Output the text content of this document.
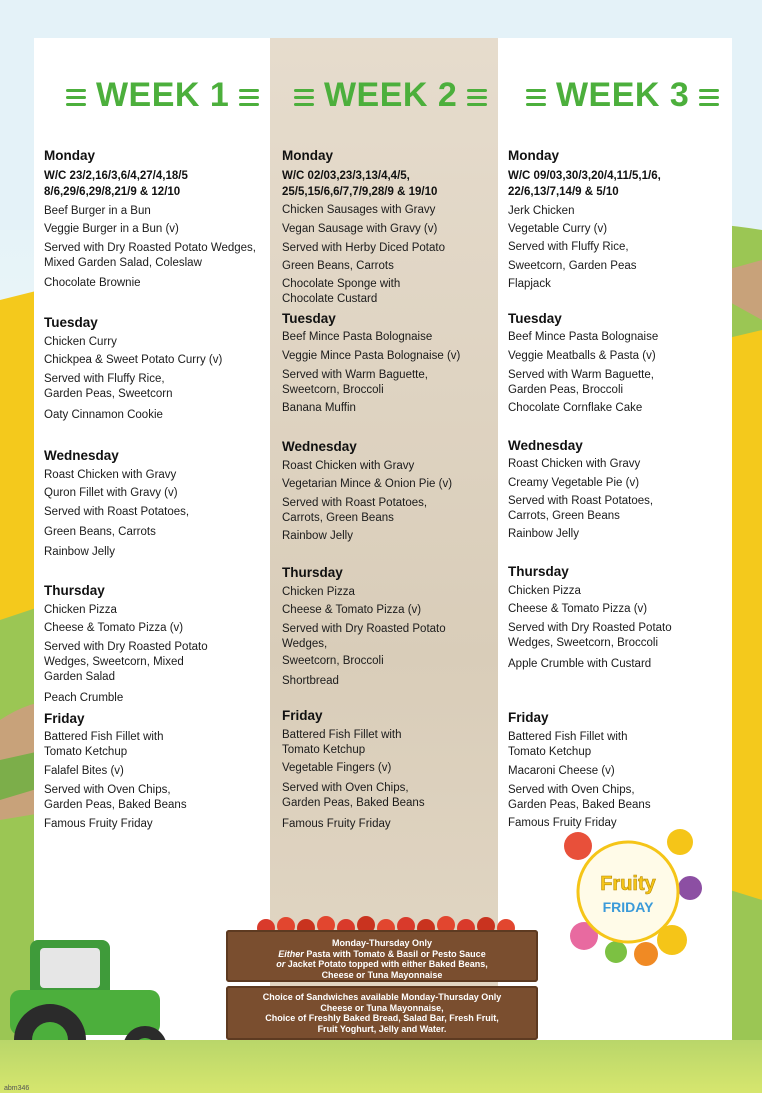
WEEK 1
Monday
W/C 23/2,16/3,6/4,27/4,18/5 8/6,29/6,29/8,21/9 & 12/10
Beef Burger in a Bun
Veggie Burger in a Bun (v)
Served with Dry Roasted Potato Wedges, Mixed Garden Salad, Coleslaw
Chocolate Brownie
Tuesday
Chicken Curry
Chickpea & Sweet Potato Curry (v)
Served with Fluffy Rice, Garden Peas, Sweetcorn
Oaty Cinnamon Cookie
Wednesday
Roast Chicken with Gravy
Quron Fillet with Gravy (v)
Served with Roast Potatoes,
Green Beans, Carrots
Rainbow Jelly
Thursday
Chicken Pizza
Cheese & Tomato Pizza (v)
Served with Dry Roasted Potato Wedges, Sweetcorn, Mixed Garden Salad
Peach Crumble
Friday
Battered Fish Fillet with Tomato Ketchup
Falafel Bites (v)
Served with Oven Chips, Garden Peas, Baked Beans
Famous Fruity Friday
WEEK 2
Monday
W/C 02/03,23/3,13/4,4/5, 25/5,15/6,6/7,7/9,28/9 & 19/10
Chicken Sausages with Gravy
Vegan Sausage with Gravy (v)
Served with Herby Diced Potato
Green Beans, Carrots
Chocolate Sponge with Chocolate Custard
Tuesday
Beef Mince Pasta Bolognaise
Veggie Mince Pasta Bolognaise (v)
Served with Warm Baguette, Sweetcorn, Broccoli
Banana Muffin
Wednesday
Roast Chicken with Gravy
Vegetarian Mince & Onion Pie (v)
Served with Roast Potatoes, Carrots, Green Beans
Rainbow Jelly
Thursday
Chicken Pizza
Cheese & Tomato Pizza (v)
Served with Dry Roasted Potato Wedges,
Sweetcorn, Broccoli
Shortbread
Friday
Battered Fish Fillet with Tomato Ketchup
Vegetable Fingers (v)
Served with Oven Chips, Garden Peas, Baked Beans
Famous Fruity Friday
WEEK 3
Monday
W/C 09/03,30/3,20/4,11/5,1/6, 22/6,13/7,14/9 & 5/10
Jerk Chicken
Vegetable Curry (v)
Served with Fluffy Rice,
Sweetcorn, Garden Peas
Flapjack
Tuesday
Beef Mince Pasta Bolognaise
Veggie Meatballs & Pasta (v)
Served with Warm Baguette, Garden Peas, Broccoli
Chocolate Cornflake Cake
Wednesday
Roast Chicken with Gravy
Creamy Vegetable Pie (v)
Served with Roast Potatoes, Carrots, Green Beans
Rainbow Jelly
Thursday
Chicken Pizza
Cheese & Tomato Pizza (v)
Served with Dry Roasted Potato Wedges, Sweetcorn, Broccoli
Apple Crumble with Custard
Friday
Battered Fish Fillet with Tomato Ketchup
Macaroni Cheese (v)
Served with Oven Chips, Garden Peas, Baked Beans
Famous Fruity Friday
Fruity
FRIDAY
Monday-Thursday Only
Either Pasta with Tomato & Basil or Pesto Sauce
or Jacket Potato topped with either Baked Beans,
Cheese or Tuna Mayonnaise
Choice of Sandwiches available Monday-Thursday Only
Cheese or Tuna Mayonnaise,
Choice of Freshly Baked Bread, Salad Bar, Fresh Fruit,
Fruit Yoghurt, Jelly and Water.
abm346
